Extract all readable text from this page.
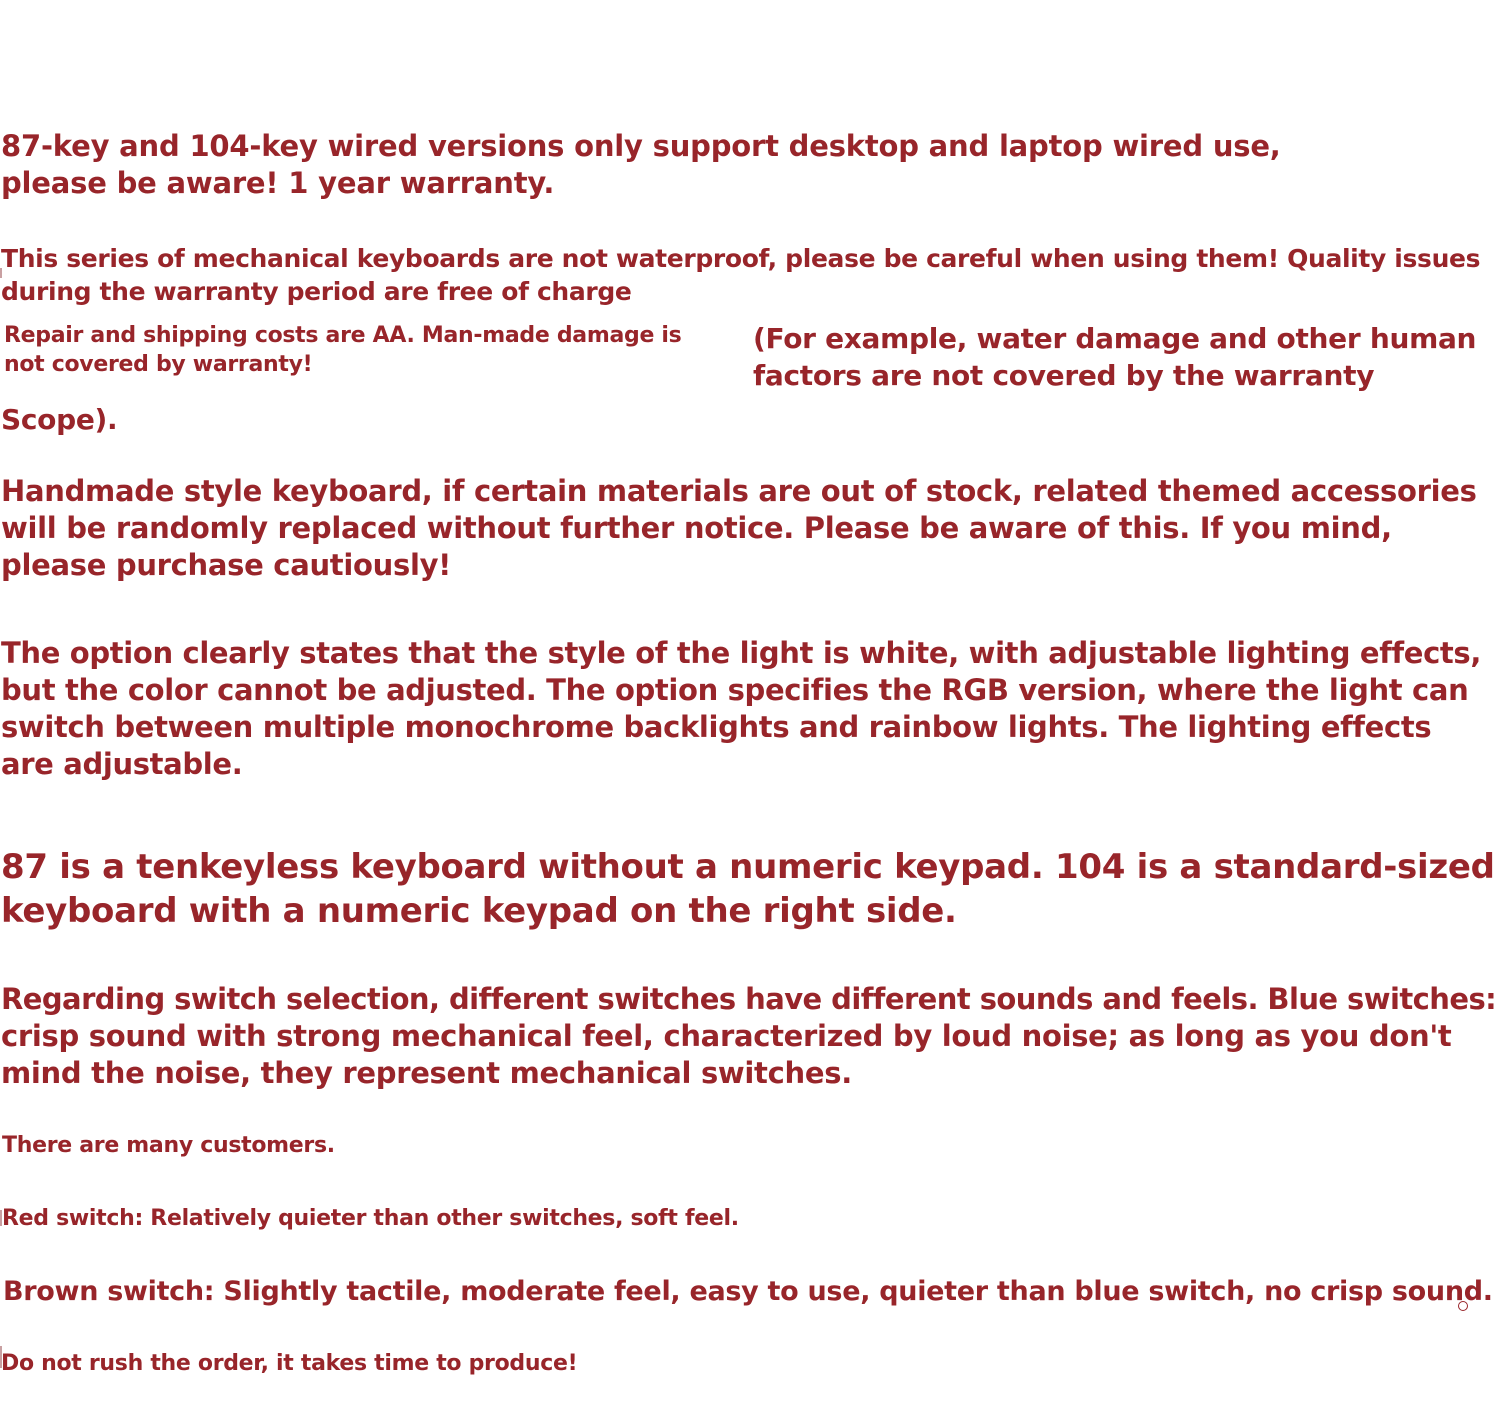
87-key and 104-key wired versions only support desktop and laptop wired use,
please be aware! 1 year warranty.

This series of mechanical keyboards are not waterproof, please be careful when using them! Quality issues
during the warranty period are free of charge

Repair and shipping costs are AA. Man-made damage is
not covered by warranty!

(For example, water damage and other human
factors are not covered by the warranty

Scope).

Handmade style keyboard, if certain materials are out of stock, related themed accessories
will be randomly replaced without further notice. Please be aware of this. If you mind,
please purchase cautiously!

The option clearly states that the style of the light is white, with adjustable lighting effects,
but the color cannot be adjusted. The option specifies the RGB version, where the light can
switch between multiple monochrome backlights and rainbow lights. The lighting effects
are adjustable.

87 is a tenkeyless keyboard without a numeric keypad. 104 is a standard-sized
keyboard with a numeric keypad on the right side.

Regarding switch selection, different switches have different sounds and feels. Blue switches:
crisp sound with strong mechanical feel, characterized by loud noise; as long as you don't
mind the noise, they represent mechanical switches.

There are many customers.

Red switch: Relatively quieter than other switches, soft feel.

Brown switch: Slightly tactile, moderate feel, easy to use, quieter than blue switch, no crisp sound.

Do not rush the order, it takes time to produce!
